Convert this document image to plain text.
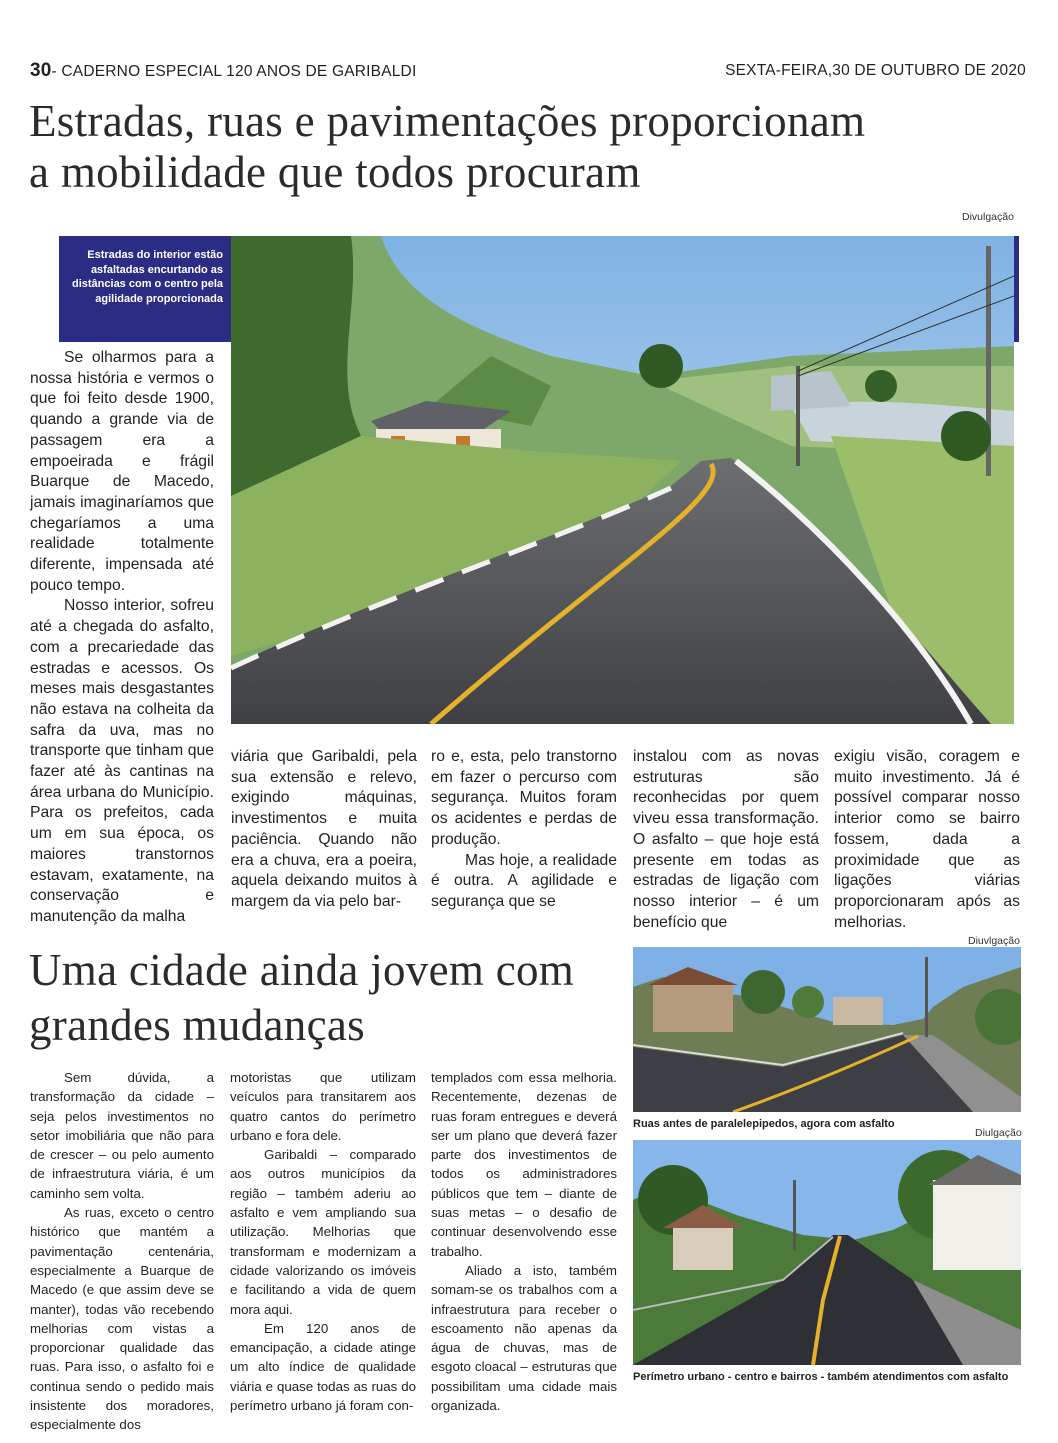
30- CADERNO ESPECIAL 120 ANOS DE GARIBALDI	SEXTA-FEIRA,30 DE OUTUBRO DE 2020
Estradas, ruas e pavimentações proporcionam
a mobilidade que todos procuram
Divulgação
Estradas do interior estão asfaltadas encurtando as distâncias com o centro pela agilidade proporcionada

Se olharmos para a nossa história e vermos o que foi feito desde 1900, quando a grande via de passagem era a empoeirada e frágil Buarque de Macedo, jamais imaginaríamos que chegaríamos a uma realidade totalmente diferente, impensada até pouco tempo.

Nosso interior, sofreu até a chegada do asfalto, com a precariedade das estradas e acessos. Os meses mais desgastantes não estava na colheita da safra da uva, mas no transporte que tinham que fazer até às cantinas na área urbana do Município. Para os prefeitos, cada um em sua época, os maiores transtornos estavam, exatamente, na conservação e manutenção da malha

viária que Garibaldi, pela sua extensão e relevo, exigindo máquinas, investimentos e muita paciência. Quando não era a chuva, era a poeira, aquela deixando muitos à margem da via pelo bar-

ro e, esta, pelo transtorno em fazer o percurso com segurança. Muitos foram os acidentes e perdas de produção.

Mas hoje, a realidade é outra. A agilidade e segurança que se

instalou com as novas estruturas são reconhecidas por quem viveu essa transformação. O asfalto – que hoje está presente em todas as estradas de ligação com nosso interior – é um benefício que

exigiu visão, coragem e muito investimento. Já é possível comparar nosso interior como se bairro fossem, dada a proximidade que as ligações viárias proporcionaram após as melhorias.

Uma cidade ainda jovem com
grandes mudanças

Sem dúvida, a transformação da cidade – seja pelos investimentos no setor imobiliária que não para de crescer – ou pelo aumento de infraestrutura viária, é um caminho sem volta.

As ruas, exceto o centro histórico que mantém a pavimentação centenária, especialmente a Buarque de Macedo (e que assim deve se manter), todas vão recebendo melhorias com vistas a proporcionar qualidade das ruas. Para isso, o asfalto foi e continua sendo o pedido mais insistente dos moradores, especialmente dos

motoristas que utilizam veículos para transitarem aos quatro cantos do perímetro urbano e fora dele.

Garibaldi – comparado aos outros municípios da região – também aderiu ao asfalto e vem ampliando sua utilização. Melhorias que transformam e modernizam a cidade valorizando os imóveis e facilitando a vida de quem mora aqui.

Em 120 anos de emancipação, a cidade atinge um alto índice de qualidade viária e quase todas as ruas do perímetro urbano já foram con-

templados com essa melhoria. Recentemente, dezenas de ruas foram entregues e deverá ser um plano que deverá fazer parte dos investimentos de todos os administradores públicos que tem – diante de suas metas – o desafio de continuar desenvolvendo esse trabalho.

Aliado a isto, também somam-se os trabalhos com a infraestrutura para receber o escoamento não apenas da água de chuvas, mas de esgoto cloacal – estruturas que possibilitam uma cidade mais organizada.

Diuvlgação
Ruas antes de paralelepipedos, agora com asfalto
Diulgação
Perímetro urbano - centro e bairros - também atendimentos com asfalto
